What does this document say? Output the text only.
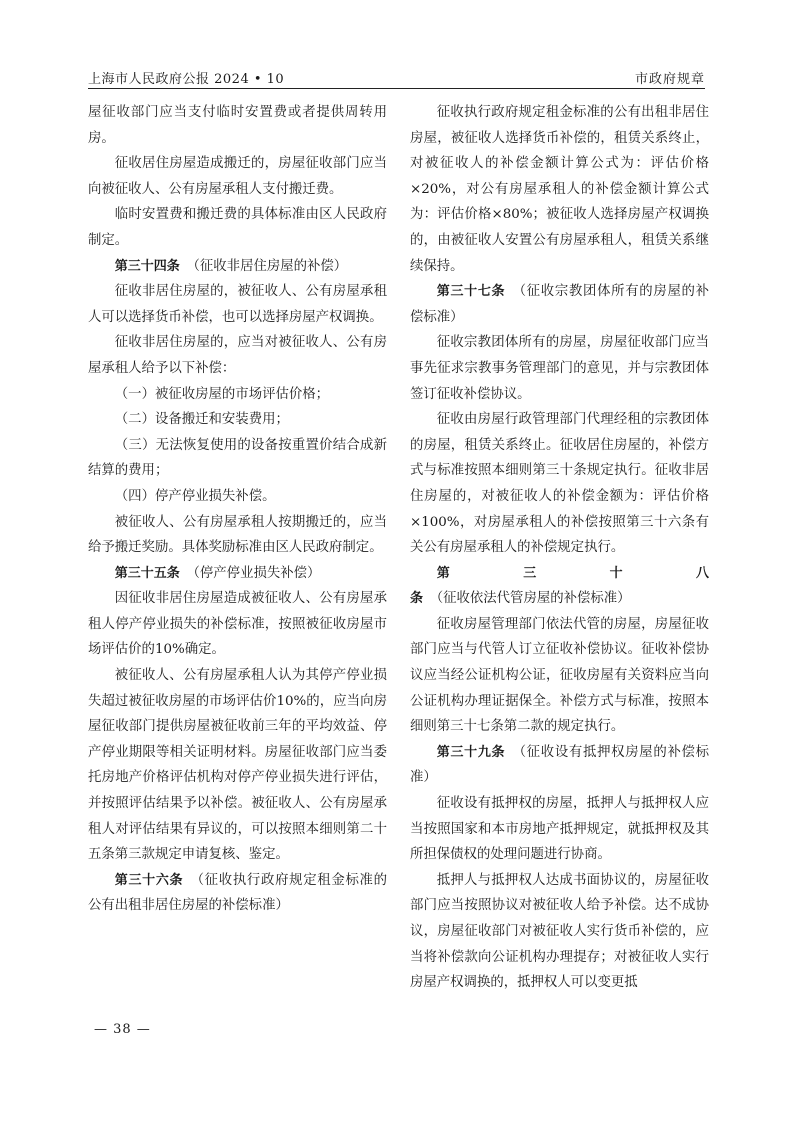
上海市人民政府公报 2024 • 10	市政府规章

屋征收部门应当支付临时安置费或者提供周转用房。

征收居住房屋造成搬迁的，房屋征收部门应当向被征收人、公有房屋承租人支付搬迁费。

临时安置费和搬迁费的具体标准由区人民政府制定。

第三十四条　（征收非居住房屋的补偿）

征收非居住房屋的，被征收人、公有房屋承租人可以选择货币补偿，也可以选择房屋产权调换。

征收非居住房屋的，应当对被征收人、公有房屋承租人给予以下补偿：

（一）被征收房屋的市场评估价格；

（二）设备搬迁和安装费用；

（三）无法恢复使用的设备按重置价结合成新结算的费用；

（四）停产停业损失补偿。

被征收人、公有房屋承租人按期搬迁的，应当给予搬迁奖励。具体奖励标准由区人民政府制定。

第三十五条　（停产停业损失补偿）

因征收非居住房屋造成被征收人、公有房屋承租人停产停业损失的补偿标准，按照被征收房屋市场评估价的10%确定。

被征收人、公有房屋承租人认为其停产停业损失超过被征收房屋的市场评估价10%的，应当向房屋征收部门提供房屋被征收前三年的平均效益、停产停业期限等相关证明材料。房屋征收部门应当委托房地产价格评估机构对停产停业损失进行评估，并按照评估结果予以补偿。被征收人、公有房屋承租人对评估结果有异议的，可以按照本细则第二十五条第三款规定申请复核、鉴定。

第三十六条　（征收执行政府规定租金标准的公有出租非居住房屋的补偿标准）

征收执行政府规定租金标准的公有出租非居住房屋，被征收人选择货币补偿的，租赁关系终止，对被征收人的补偿金额计算公式为：评估价格×20%，对公有房屋承租人的补偿金额计算公式为：评估价格×80%；被征收人选择房屋产权调换的，由被征收人安置公有房屋承租人，租赁关系继续保持。

第三十七条　（征收宗教团体所有的房屋的补偿标准）

征收宗教团体所有的房屋，房屋征收部门应当事先征求宗教事务管理部门的意见，并与宗教团体签订征收补偿协议。

征收由房屋行政管理部门代理经租的宗教团体的房屋，租赁关系终止。征收居住房屋的，补偿方式与标准按照本细则第三十条规定执行。征收非居住房屋的，对被征收人的补偿金额为：评估价格×100%，对房屋承租人的补偿按照第三十六条有关公有房屋承租人的补偿规定执行。

第三十八条　（征收依法代管房屋的补偿标准）

征收房屋管理部门依法代管的房屋，房屋征收部门应当与代管人订立征收补偿协议。征收补偿协议应当经公证机构公证，征收房屋有关资料应当向公证机构办理证据保全。补偿方式与标准，按照本细则第三十七条第二款的规定执行。

第三十九条　（征收设有抵押权房屋的补偿标准）

征收设有抵押权的房屋，抵押人与抵押权人应当按照国家和本市房地产抵押规定，就抵押权及其所担保债权的处理问题进行协商。

抵押人与抵押权人达成书面协议的，房屋征收部门应当按照协议对被征收人给予补偿。达不成协议，房屋征收部门对被征收人实行货币补偿的，应当将补偿款向公证机构办理提存；对被征收人实行房屋产权调换的，抵押权人可以变更抵

— 38 —
